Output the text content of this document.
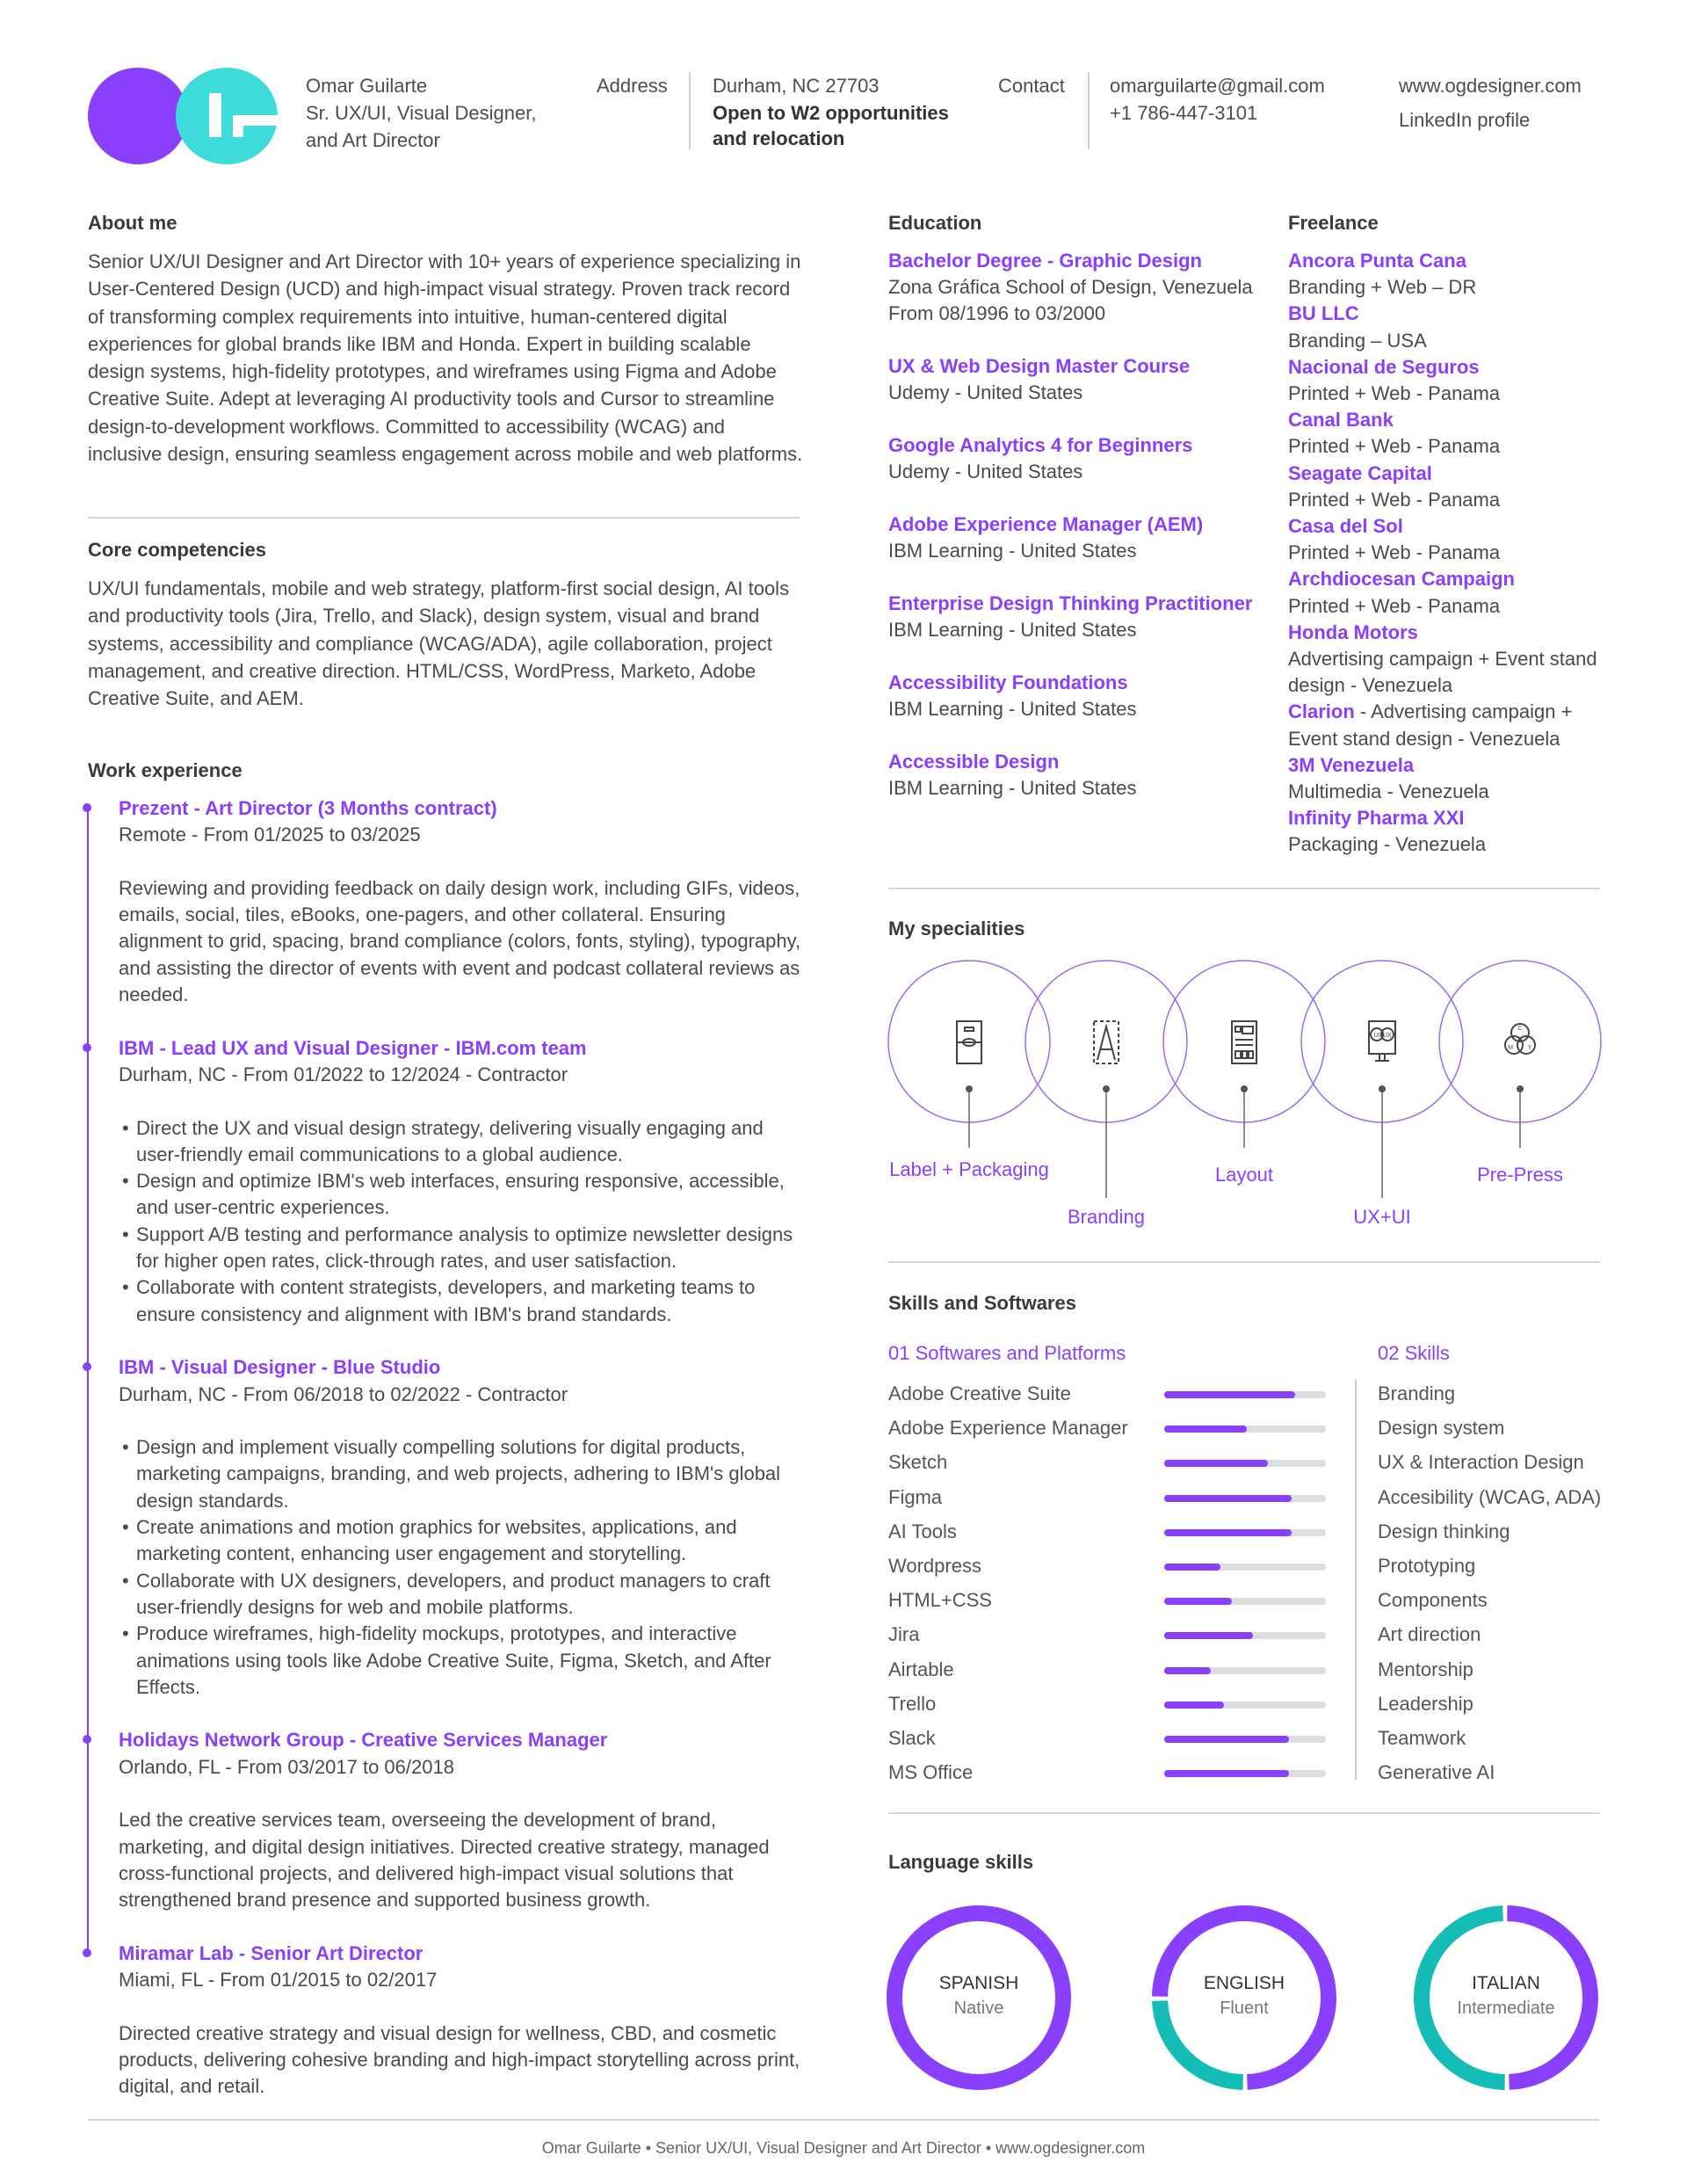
Omar Guilarte
Sr. UX/UI, Visual Designer,
and Art Director
Address Durham, NC 27703
Open to W2 opportunities
and relocation
Contact omarguilarte@gmail.com
+1 786-447-3101
www.ogdesigner.com
LinkedIn profile
About me
Senior UX/UI Designer and Art Director with 10+ years of experience specializing in User-Centered Design (UCD) and high-impact visual strategy. Proven track record of transforming complex requirements into intuitive, human-centered digital experiences for global brands like IBM and Honda. Expert in building scalable design systems, high-fidelity prototypes, and wireframes using Figma and Adobe Creative Suite. Adept at leveraging AI productivity tools and Cursor to streamline design-to-development workflows. Committed to accessibility (WCAG) and inclusive design, ensuring seamless engagement across mobile and web platforms.
Core competencies
UX/UI fundamentals, mobile and web strategy, platform-first social design, AI tools and productivity tools (Jira, Trello, and Slack), design system, visual and brand systems, accessibility and compliance (WCAG/ADA), agile collaboration, project management, and creative direction. HTML/CSS, WordPress, Marketo, Adobe Creative Suite, and AEM.
Work experience
Prezent - Art Director (3 Months contract)
Remote - From 01/2025 to 03/2025
Reviewing and providing feedback on daily design work, including GIFs, videos, emails, social, tiles, eBooks, one-pagers, and other collateral. Ensuring alignment to grid, spacing, brand compliance (colors, fonts, styling), typography, and assisting the director of events with event and podcast collateral reviews as needed.
IBM - Lead UX and Visual Designer - IBM.com team
Durham, NC - From 01/2022 to 12/2024 - Contractor
• Direct the UX and visual design strategy, delivering visually engaging and user-friendly email communications to a global audience.
• Design and optimize IBM's web interfaces, ensuring responsive, accessible, and user-centric experiences.
• Support A/B testing and performance analysis to optimize newsletter designs for higher open rates, click-through rates, and user satisfaction.
• Collaborate with content strategists, developers, and marketing teams to ensure consistency and alignment with IBM's brand standards.
IBM - Visual Designer - Blue Studio
Durham, NC - From 06/2018 to 02/2022 - Contractor
• Design and implement visually compelling solutions for digital products, marketing campaigns, branding, and web projects, adhering to IBM's global design standards.
• Create animations and motion graphics for websites, applications, and marketing content, enhancing user engagement and storytelling.
• Collaborate with UX designers, developers, and product managers to craft user-friendly designs for web and mobile platforms.
• Produce wireframes, high-fidelity mockups, prototypes, and interactive animations using tools like Adobe Creative Suite, Figma, Sketch, and After Effects.
Holidays Network Group - Creative Services Manager
Orlando, FL - From 03/2017 to 06/2018
Led the creative services team, overseeing the development of brand, marketing, and digital design initiatives. Directed creative strategy, managed cross-functional projects, and delivered high-impact visual solutions that strengthened brand presence and supported business growth.
Miramar Lab - Senior Art Director
Miami, FL - From 01/2015 to 02/2017
Directed creative strategy and visual design for wellness, CBD, and cosmetic products, delivering cohesive branding and high-impact storytelling across print, digital, and retail.
Education
Bachelor Degree - Graphic Design
Zona Gráfica School of Design, Venezuela
From 08/1996 to 03/2000
UX & Web Design Master Course
Udemy - United States
Google Analytics 4 for Beginners
Udemy - United States
Adobe Experience Manager (AEM)
IBM Learning - United States
Enterprise Design Thinking Practitioner
IBM Learning - United States
Accessibility Foundations
IBM Learning - United States
Accessible Design
IBM Learning - United States
Freelance
Ancora Punta Cana
Branding + Web – DR
BU LLC
Branding – USA
Nacional de Seguros
Printed + Web - Panama
Canal Bank
Printed + Web - Panama
Seagate Capital
Printed + Web - Panama
Casa del Sol
Printed + Web - Panama
Archdiocesan Campaign
Printed + Web - Panama
Honda Motors
Advertising campaign + Event stand design - Venezuela
Clarion - Advertising campaign + Event stand design - Venezuela
3M Venezuela
Multimedia - Venezuela
Infinity Pharma XXI
Packaging - Venezuela
My specialities
UI UX
C
M Y
K
Label + Packaging
Branding
Layout
UX+UI
Pre-Press
Skills and Softwares
01 Softwares and Platforms	02 Skills
Adobe Creative Suite
Adobe Experience Manager
Sketch
Figma
AI Tools
Wordpress
HTML+CSS
Jira
Airtable
Trello
Slack
MS Office
Branding
Design system
UX & Interaction Design
Accesibility (WCAG, ADA)
Design thinking
Prototyping
Components
Art direction
Mentorship
Leadership
Teamwork
Generative AI
Language skills
SPANISH
Native
ENGLISH
Fluent
ITALIAN
Intermediate
Omar Guilarte • Senior UX/UI, Visual Designer and Art Director • www.ogdesigner.com
